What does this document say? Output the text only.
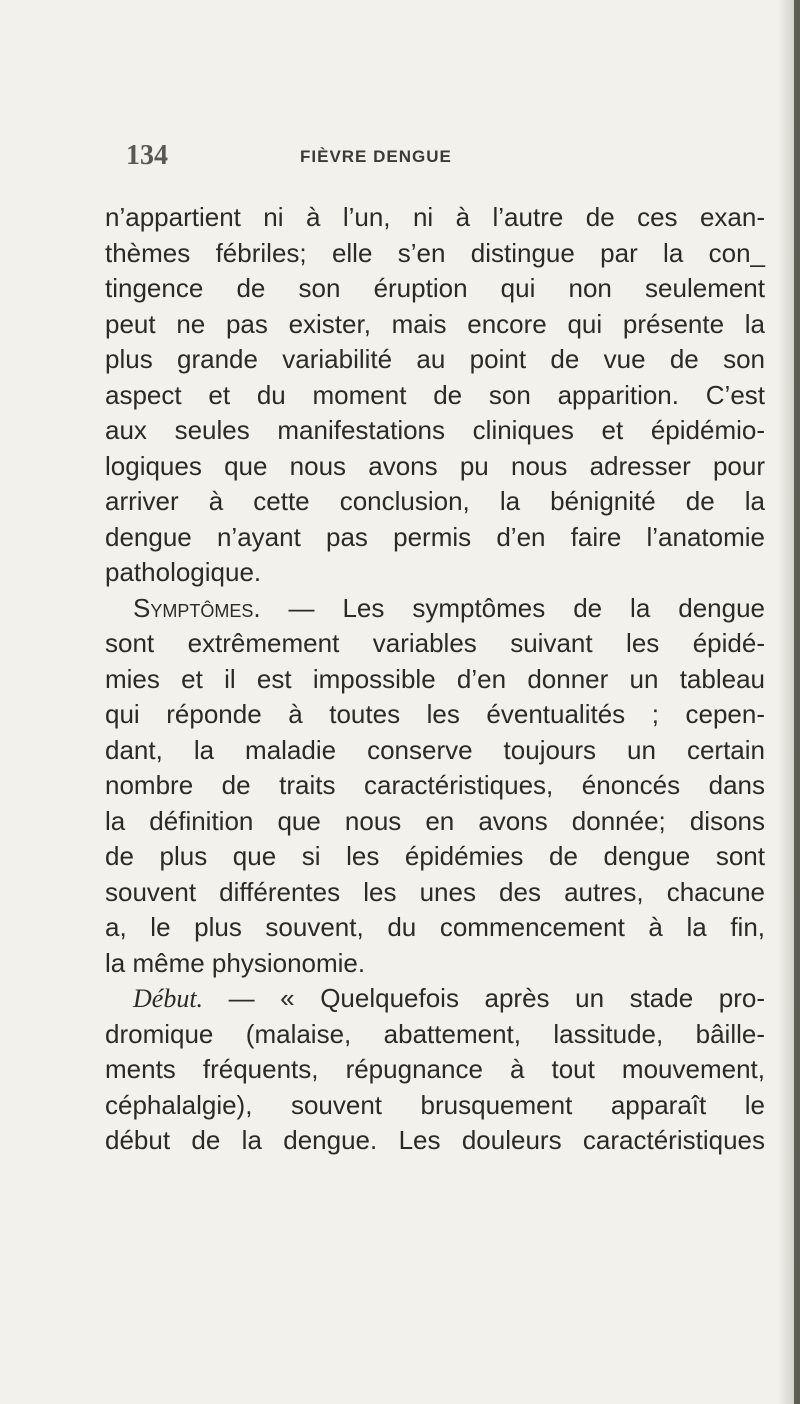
134	FIÈVRE DENGUE
n’appartient ni à l’un, ni à l’autre de ces exan-
thèmes fébriles; elle s’en distingue par la con_
tingence de son éruption qui non seulement
peut ne pas exister, mais encore qui présente la
plus grande variabilité au point de vue de son
aspect et du moment de son apparition. C’est
aux seules manifestations cliniques et épidémio-
logiques que nous avons pu nous adresser pour
arriver à cette conclusion, la bénignité de la
dengue n’ayant pas permis d’en faire l’anatomie
pathologique.
Symptômes. — Les symptômes de la dengue
sont extrêmement variables suivant les épidé-
mies et il est impossible d’en donner un tableau
qui réponde à toutes les éventualités ; cepen-
dant, la maladie conserve toujours un certain
nombre de traits caractéristiques, énoncés dans
la définition que nous en avons donnée; disons
de plus que si les épidémies de dengue sont
souvent différentes les unes des autres, chacune
a, le plus souvent, du commencement à la fin,
la même physionomie.
Début. — « Quelquefois après un stade pro-
dromique (malaise, abattement, lassitude, bâille-
ments fréquents, répugnance à tout mouvement,
céphalalgie), souvent brusquement apparaît le
début de la dengue. Les douleurs caractéristiques
